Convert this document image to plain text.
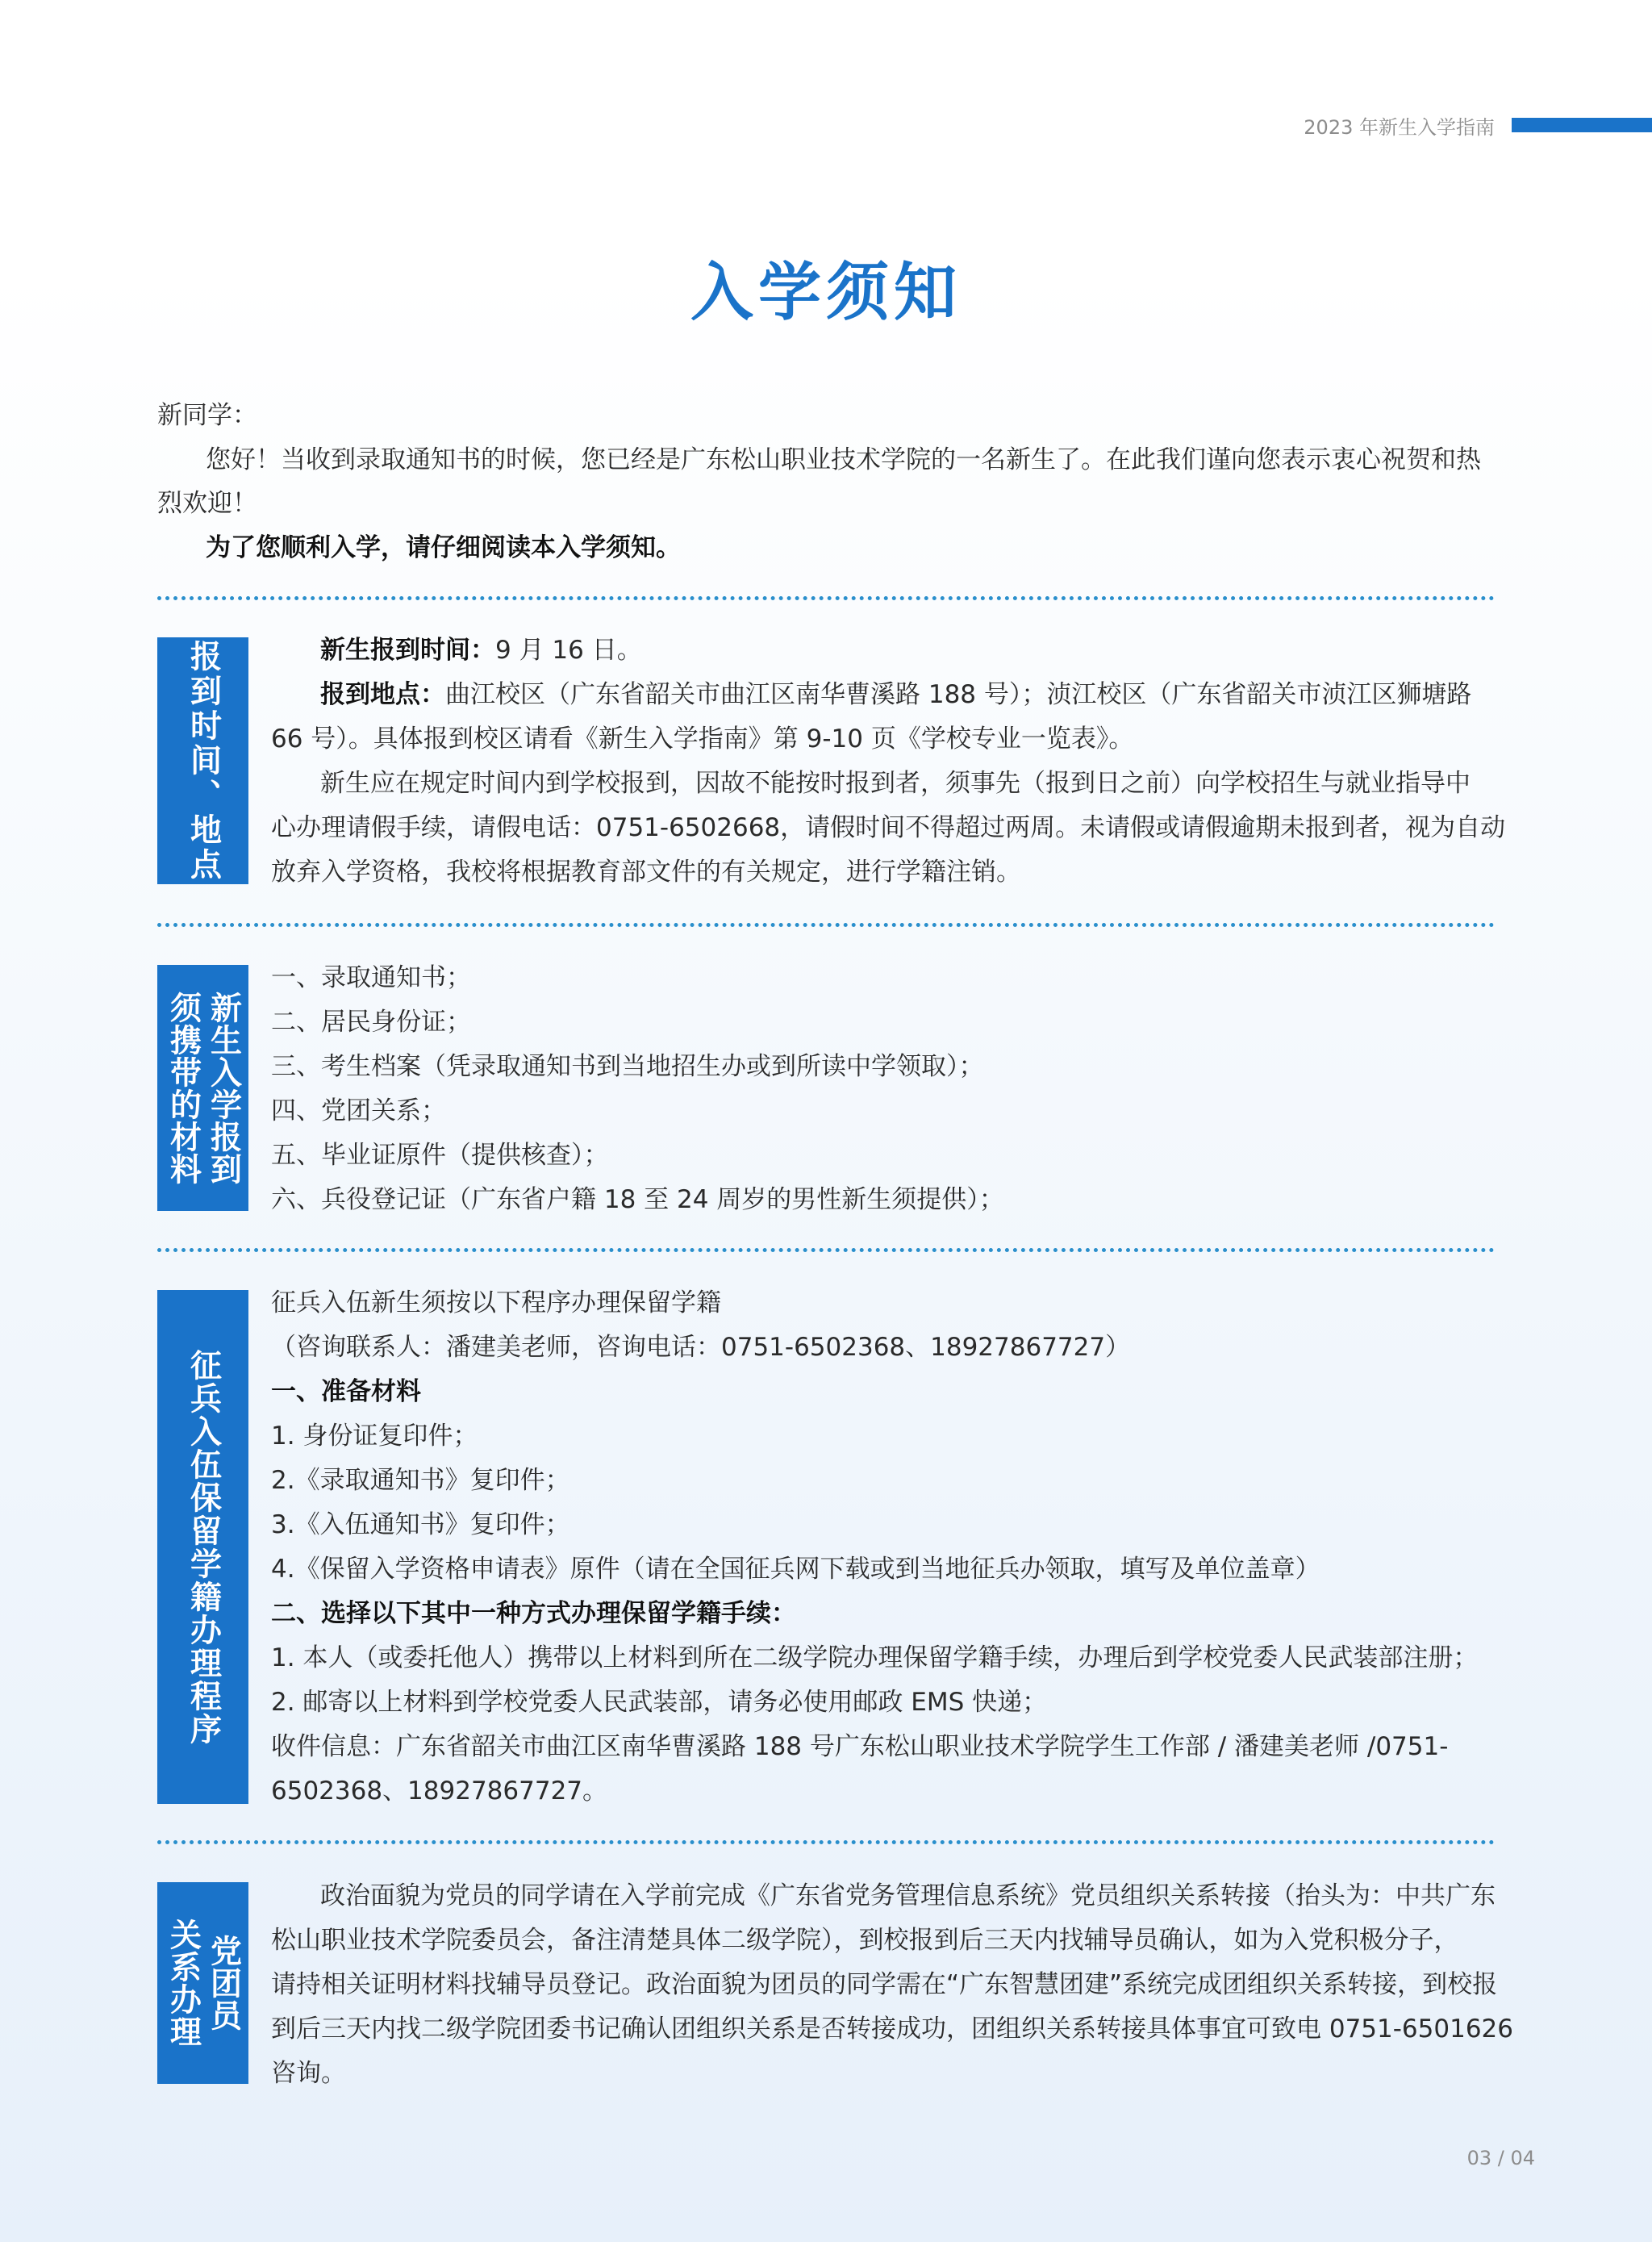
2023 年新生入学指南
入学须知
新同学：
您好！当收到录取通知书的时候，您已经是广东松山职业技术学院的一名新生了。在此我们谨向您表示衷心祝贺和热
烈欢迎！
为了您顺利入学，请仔细阅读本入学须知。
报到时间、地点	新生报到时间：9 月 16 日。
报到地点：曲江校区（广东省韶关市曲江区南华曹溪路 188 号）；浈江校区（广东省韶关市浈江区狮塘路
66 号）。具体报到校区请看《新生入学指南》第 9-10 页《学校专业一览表》。
新生应在规定时间内到学校报到，因故不能按时报到者，须事先（报到日之前）向学校招生与就业指导中
心办理请假手续，请假电话：0751-6502668，请假时间不得超过两周。未请假或请假逾期未报到者，视为自动
放弃入学资格，我校将根据教育部文件的有关规定，进行学籍注销。
须携带的材料 新生入学报到
一、录取通知书；
二、居民身份证；
三、考生档案（凭录取通知书到当地招生办或到所读中学领取）；
四、党团关系；
五、毕业证原件（提供核查）；
六、兵役登记证（广东省户籍 18 至 24 周岁的男性新生须提供）；
征兵入伍保留学籍办理程序
征兵入伍新生须按以下程序办理保留学籍
（咨询联系人：潘建美老师，咨询电话：0751-6502368、18927867727）
一、准备材料
1. 身份证复印件；
2.《录取通知书》复印件；
3.《入伍通知书》复印件；
4.《保留入学资格申请表》原件（请在全国征兵网下载或到当地征兵办领取，填写及单位盖章）
二、选择以下其中一种方式办理保留学籍手续：
1. 本人（或委托他人）携带以上材料到所在二级学院办理保留学籍手续，办理后到学校党委人民武装部注册；
2. 邮寄以上材料到学校党委人民武装部，请务必使用邮政 EMS 快递；
收件信息：广东省韶关市曲江区南华曹溪路 188 号广东松山职业技术学院学生工作部 / 潘建美老师 /0751-
6502368、18927867727。
关系办理 党团员
政治面貌为党员的同学请在入学前完成《广东省党务管理信息系统》党员组织关系转接（抬头为：中共广东
松山职业技术学院委员会，备注清楚具体二级学院），到校报到后三天内找辅导员确认，如为入党积极分子，
请持相关证明材料找辅导员登记。政治面貌为团员的同学需在“广东智慧团建”系统完成团组织关系转接，到校报
到后三天内找二级学院团委书记确认团组织关系是否转接成功，团组织关系转接具体事宜可致电 0751-6501626
咨询。
03 / 04
